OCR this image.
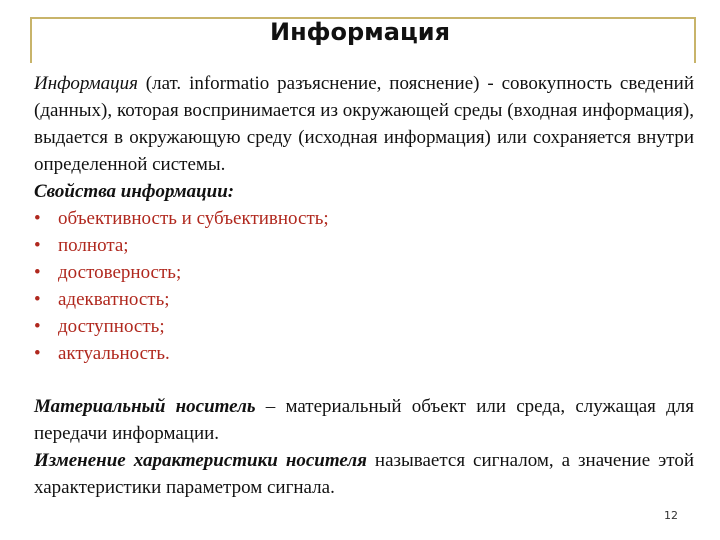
Информация

Информация (лат. informatio разъяснение, пояснение) - совокупность сведений (данных), которая воспринимается из окружающей среды (входная информация), выдается в окружающую среду (исходная информация) или сохраняется внутри определенной системы.

Свойства информации:

• объективность и субъективность;
• полнота;
• достоверность;
• адекватность;
• доступность;
• актуальность.

Материальный носитель – материальный объект или среда, служащая для передачи информации.

Изменение характеристики носителя называется сигналом, а значение этой характеристики параметром сигнала.

12
